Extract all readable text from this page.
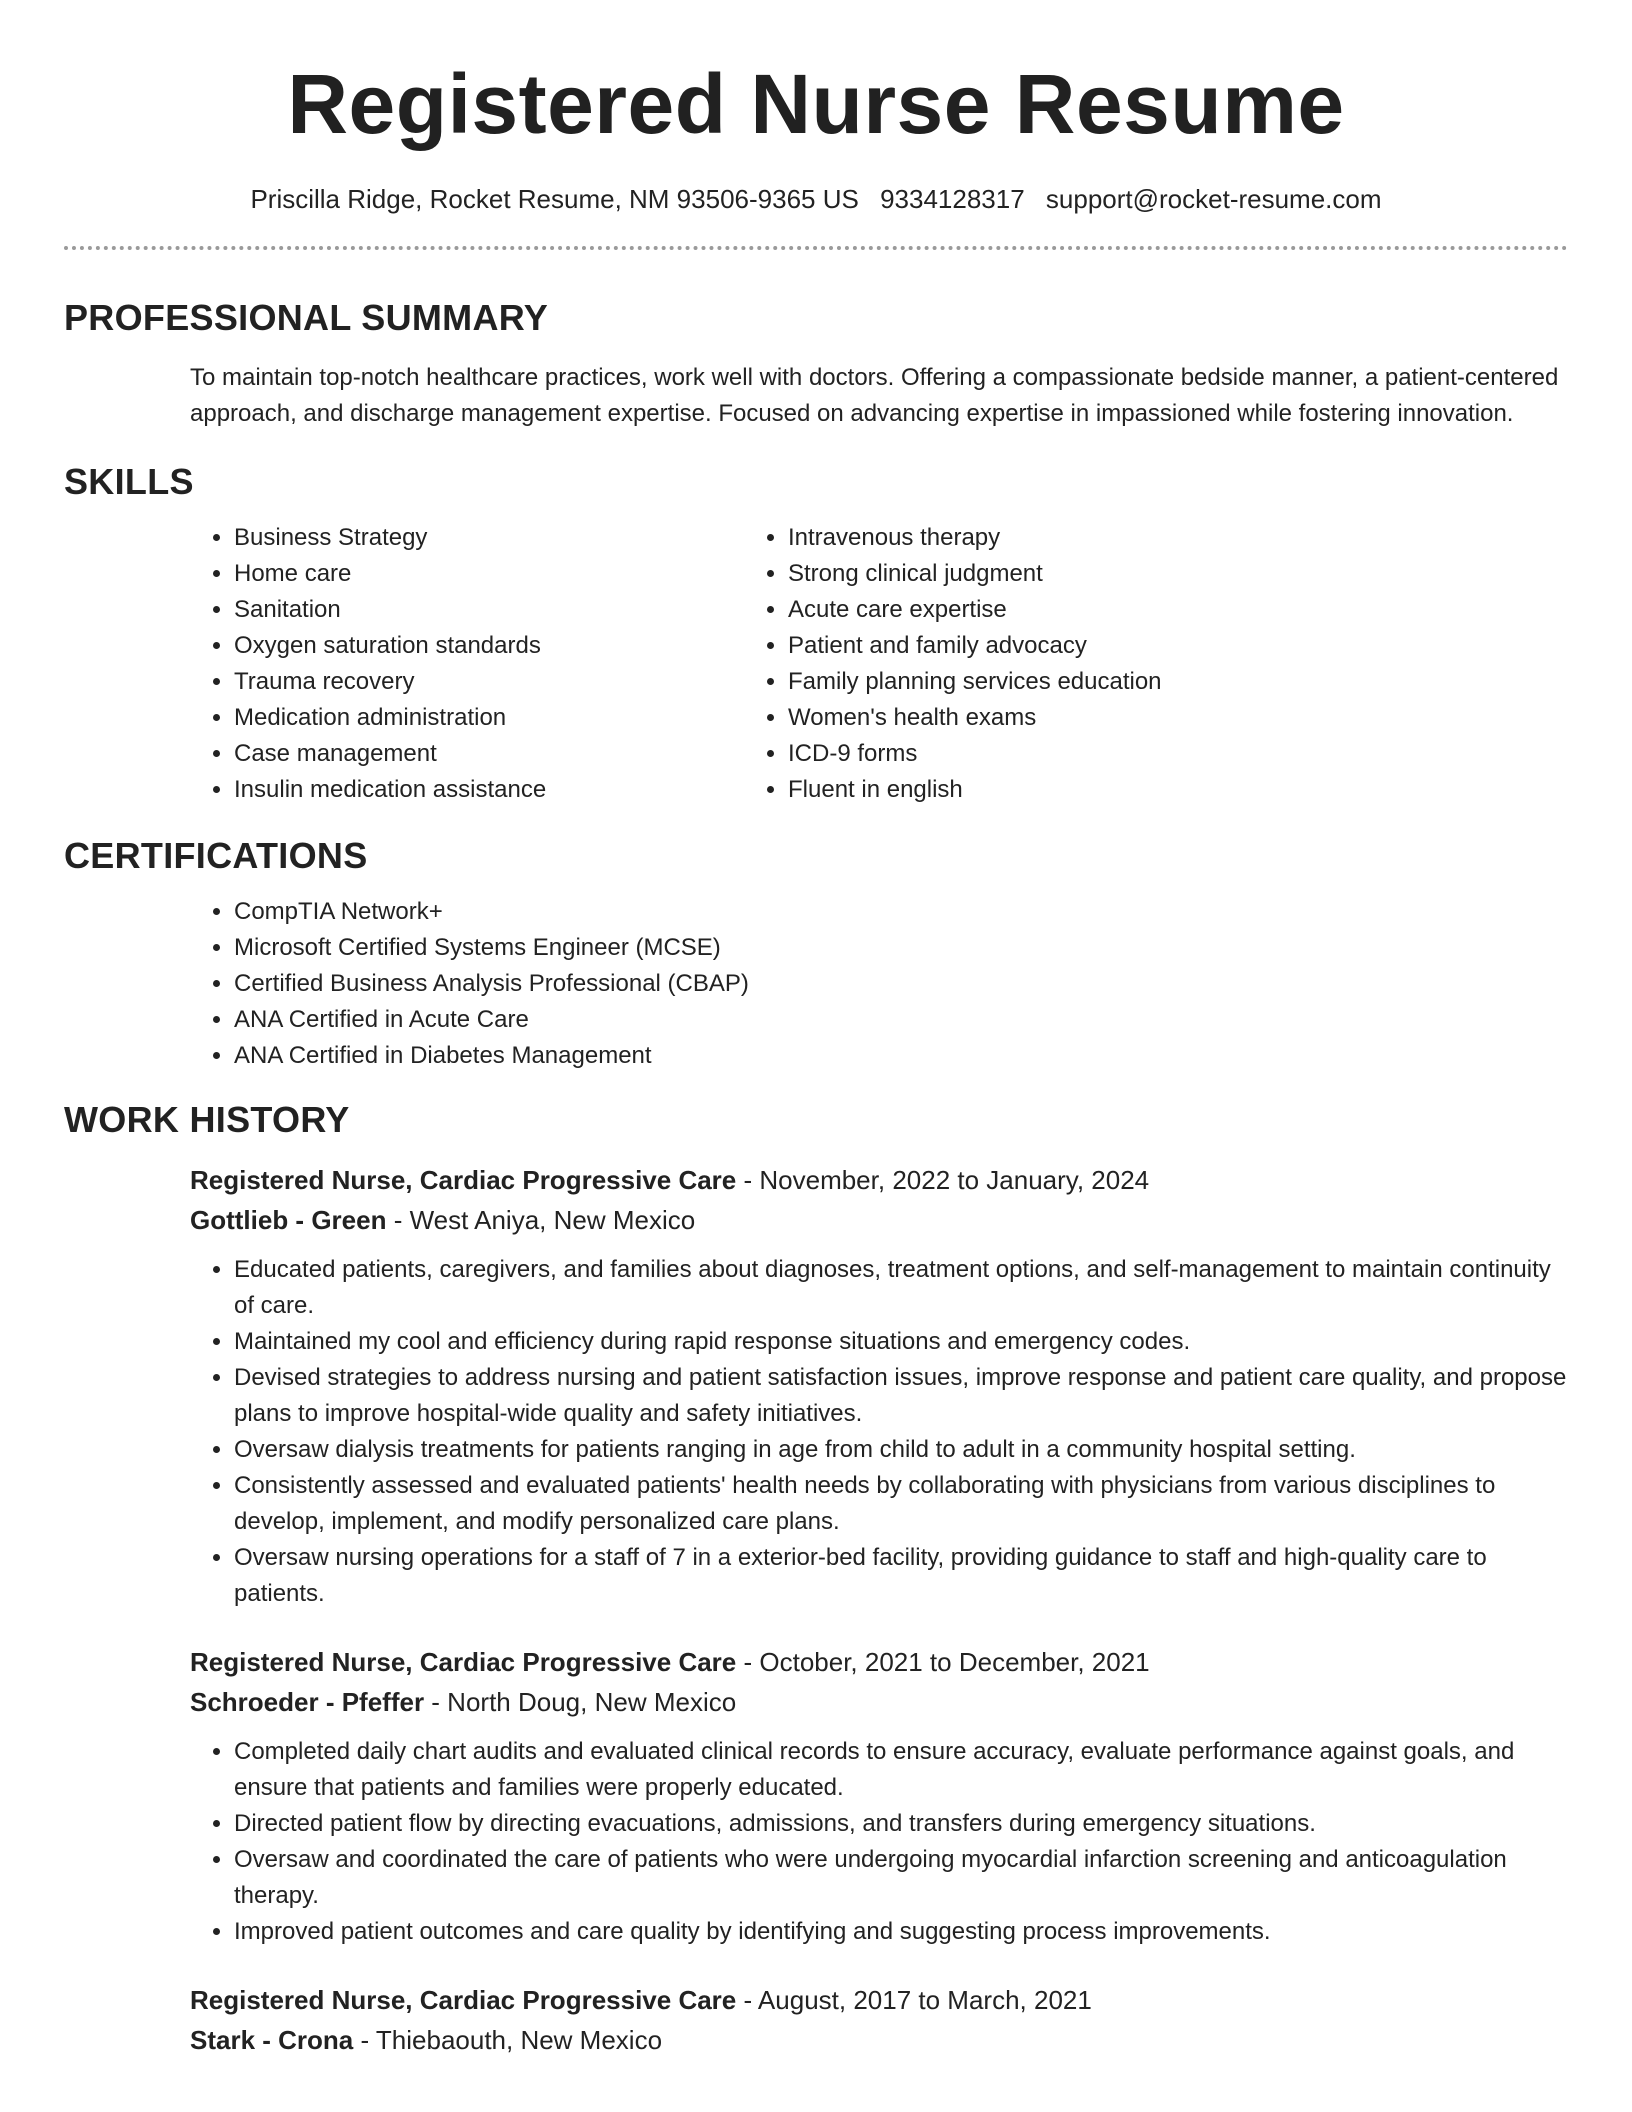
Registered Nurse Resume
Priscilla Ridge, Rocket Resume, NM 93506-9365 US 9334128317 support@rocket-resume.com
PROFESSIONAL SUMMARY

To maintain top-notch healthcare practices, work well with doctors. Offering a compassionate bedside manner, a patient-centered approach, and discharge management expertise. Focused on advancing expertise in impassioned while fostering innovation.

SKILLS
• Business Strategy
• Home care
• Sanitation
• Oxygen saturation standards
• Trauma recovery
• Medication administration
• Case management
• Insulin medication assistance
• Intravenous therapy
• Strong clinical judgment
• Acute care expertise
• Patient and family advocacy
• Family planning services education
• Women's health exams
• ICD-9 forms
• Fluent in english
CERTIFICATIONS
• CompTIA Network+
• Microsoft Certified Systems Engineer (MCSE)
• Certified Business Analysis Professional (CBAP)
• ANA Certified in Acute Care
• ANA Certified in Diabetes Management
WORK HISTORY
Registered Nurse, Cardiac Progressive Care - November, 2022 to January, 2024
Gottlieb - Green - West Aniya, New Mexico
• Educated patients, caregivers, and families about diagnoses, treatment options, and self-management to maintain continuity of care.
• Maintained my cool and efficiency during rapid response situations and emergency codes.
• Devised strategies to address nursing and patient satisfaction issues, improve response and patient care quality, and propose plans to improve hospital-wide quality and safety initiatives.
• Oversaw dialysis treatments for patients ranging in age from child to adult in a community hospital setting.
• Consistently assessed and evaluated patients' health needs by collaborating with physicians from various disciplines to develop, implement, and modify personalized care plans.
• Oversaw nursing operations for a staff of 7 in a exterior-bed facility, providing guidance to staff and high-quality care to patients.
Registered Nurse, Cardiac Progressive Care - October, 2021 to December, 2021
Schroeder - Pfeffer - North Doug, New Mexico
• Completed daily chart audits and evaluated clinical records to ensure accuracy, evaluate performance against goals, and ensure that patients and families were properly educated.
• Directed patient flow by directing evacuations, admissions, and transfers during emergency situations.
• Oversaw and coordinated the care of patients who were undergoing myocardial infarction screening and anticoagulation therapy.
• Improved patient outcomes and care quality by identifying and suggesting process improvements.
Registered Nurse, Cardiac Progressive Care - August, 2017 to March, 2021
Stark - Crona - Thiebaouth, New Mexico
